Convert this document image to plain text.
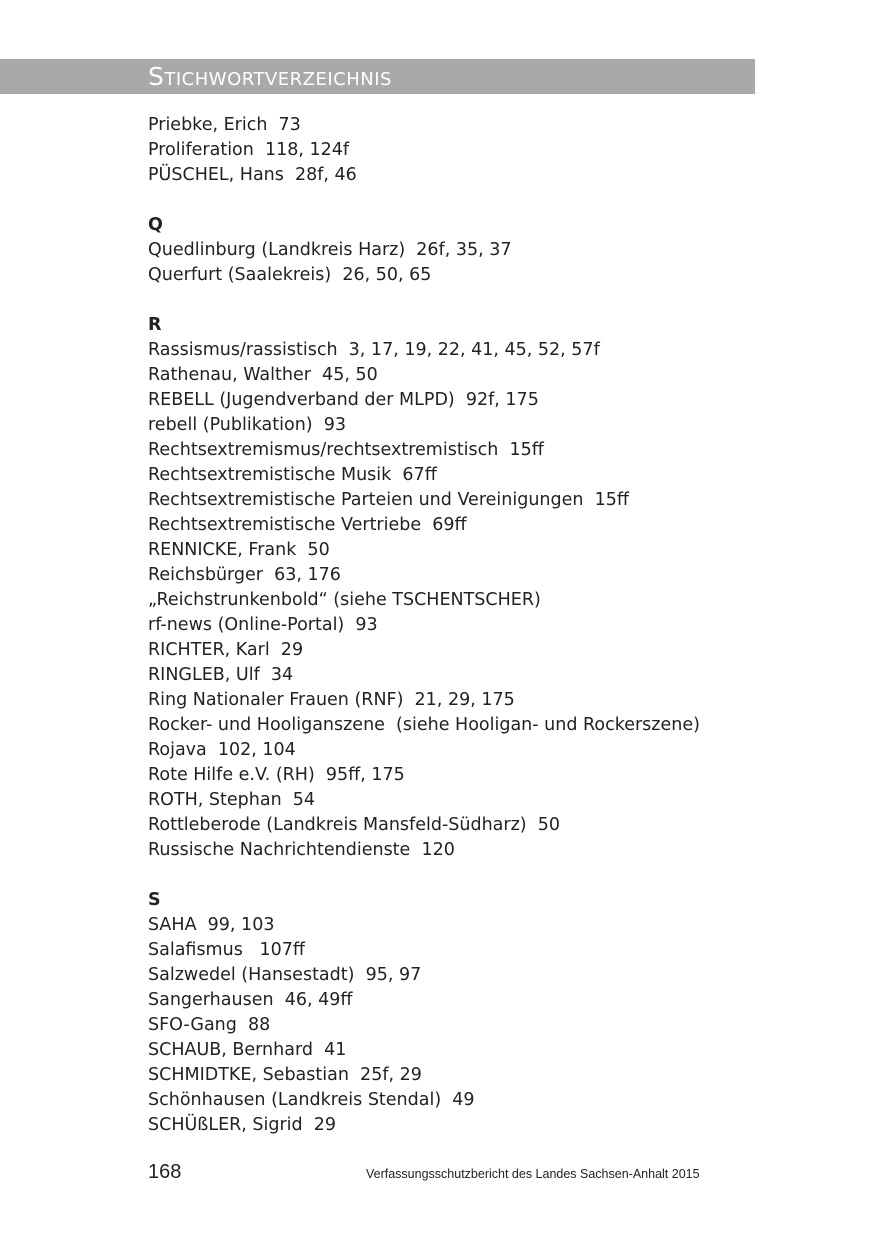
STICHWORTVERZEICHNIS
Priebke, Erich  73
Proliferation  118, 124f
PÜSCHEL, Hans  28f, 46
Q
Quedlinburg (Landkreis Harz)  26f, 35, 37
Querfurt (Saalekreis)  26, 50, 65
R
Rassismus/rassistisch  3, 17, 19, 22, 41, 45, 52, 57f
Rathenau, Walther  45, 50
REBELL (Jugendverband der MLPD)  92f, 175
rebell (Publikation)  93
Rechtsextremismus/rechtsextremistisch  15ff
Rechtsextremistische Musik  67ff
Rechtsextremistische Parteien und Vereinigungen  15ff
Rechtsextremistische Vertriebe  69ff
RENNICKE, Frank  50
Reichsbürger  63, 176
„Reichstrunkenbold“ (siehe TSCHENTSCHER)
rf-news (Online-Portal)  93
RICHTER, Karl  29
RINGLEB, Ulf  34
Ring Nationaler Frauen (RNF)  21, 29, 175
Rocker- und Hooliganszene  (siehe Hooligan- und Rockerszene)
Rojava  102, 104
Rote Hilfe e.V. (RH)  95ff, 175
ROTH, Stephan  54
Rottleberode (Landkreis Mansfeld-Südharz)  50
Russische Nachrichtendienste  120
S
SAHA  99, 103
Salafismus   107ff
Salzwedel (Hansestadt)  95, 97
Sangerhausen  46, 49ff
SFO-Gang  88
SCHAUB, Bernhard  41
SCHMIDTKE, Sebastian  25f, 29
Schönhausen (Landkreis Stendal)  49
SCHÜßLER, Sigrid  29
168	Verfassungsschutzbericht des Landes Sachsen-Anhalt 2015
